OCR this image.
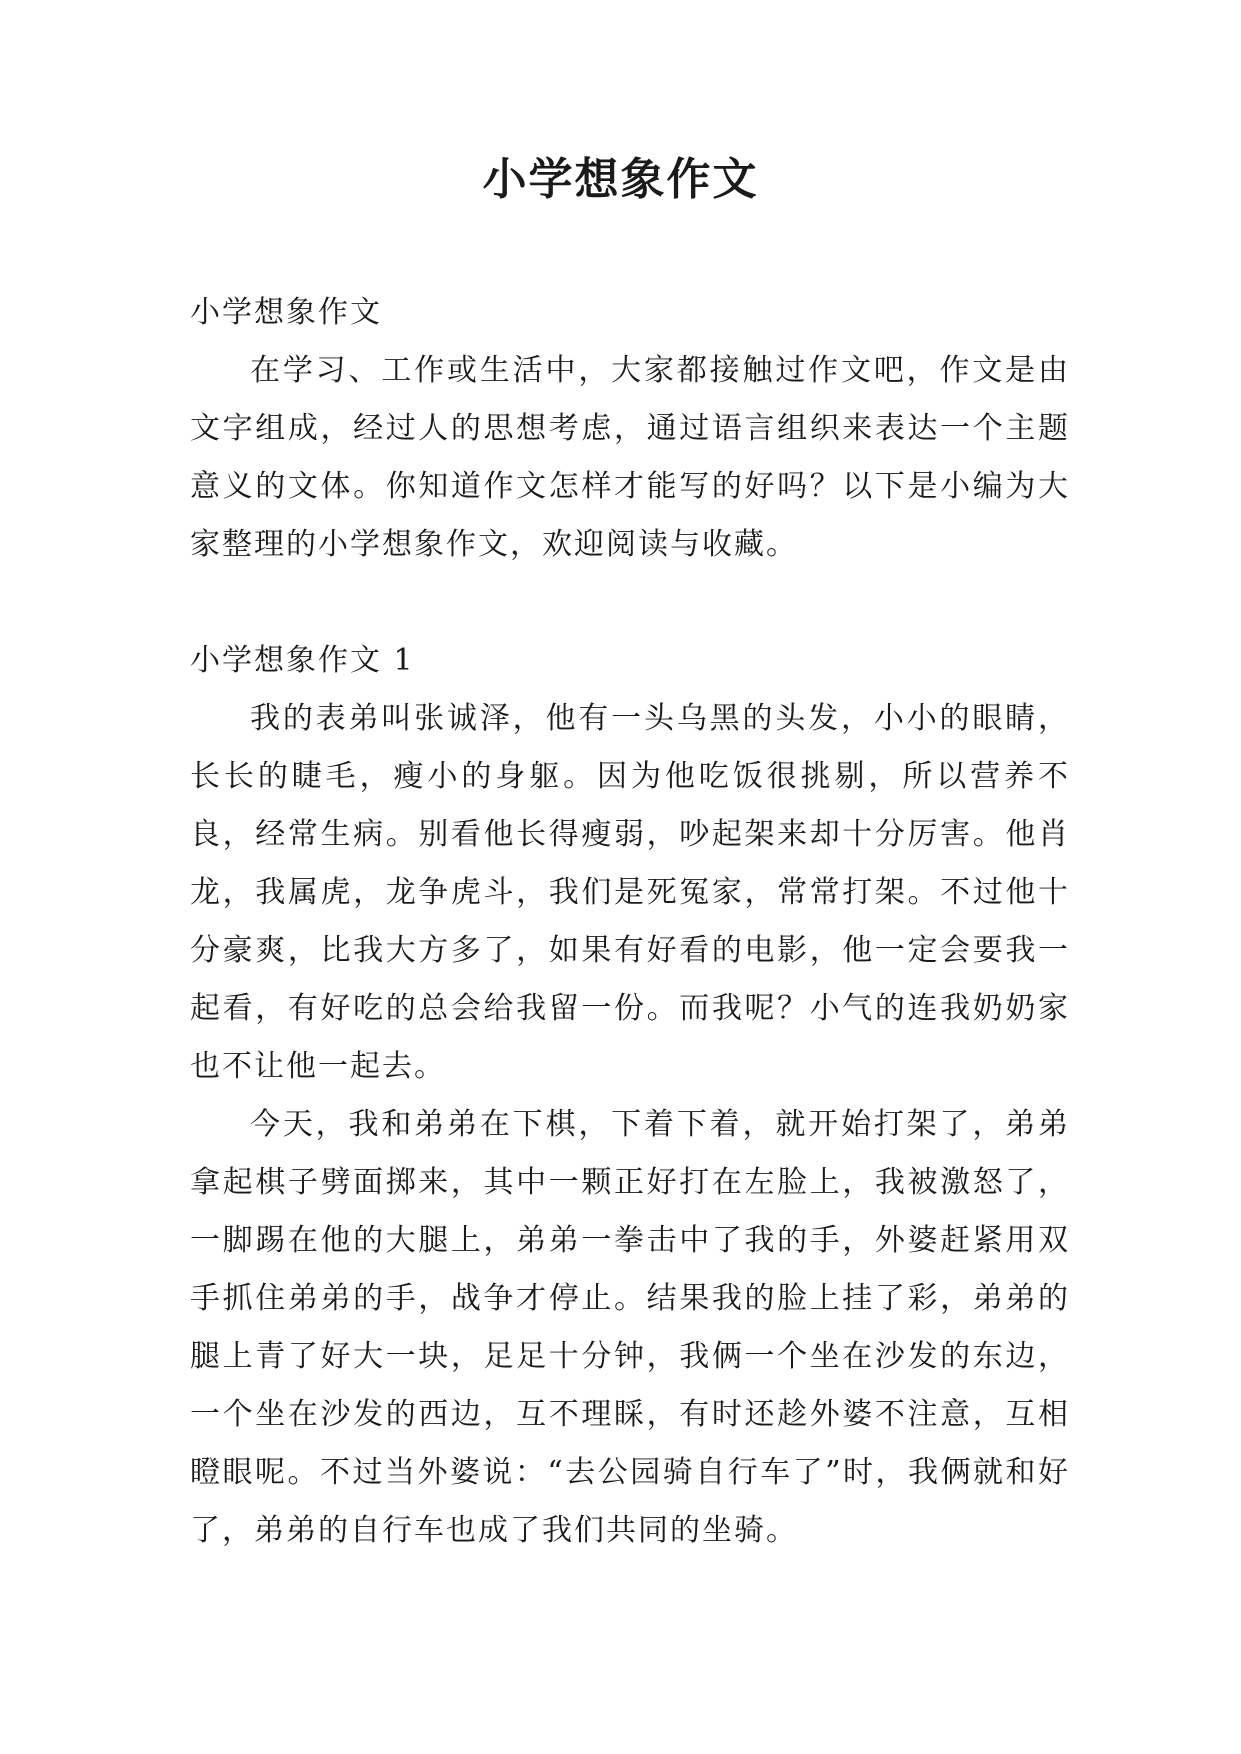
小学想象作文

小学想象作文

在学习、工作或生活中，大家都接触过作文吧，作文是由文字组成，经过人的思想考虑，通过语言组织来表达一个主题意义的文体。你知道作文怎样才能写的好吗？以下是小编为大家整理的小学想象作文，欢迎阅读与收藏。

小学想象作文 1

我的表弟叫张诚泽，他有一头乌黑的头发，小小的眼睛，长长的睫毛，瘦小的身躯。因为他吃饭很挑剔，所以营养不良，经常生病。别看他长得瘦弱，吵起架来却十分厉害。他肖龙，我属虎，龙争虎斗，我们是死冤家，常常打架。不过他十分豪爽，比我大方多了，如果有好看的电影，他一定会要我一起看，有好吃的总会给我留一份。而我呢？小气的连我奶奶家也不让他一起去。

今天，我和弟弟在下棋，下着下着，就开始打架了，弟弟拿起棋子劈面掷来，其中一颗正好打在左脸上，我被激怒了，一脚踢在他的大腿上，弟弟一拳击中了我的手，外婆赶紧用双手抓住弟弟的手，战争才停止。结果我的脸上挂了彩，弟弟的腿上青了好大一块，足足十分钟，我俩一个坐在沙发的东边，一个坐在沙发的西边，互不理睬，有时还趁外婆不注意，互相瞪眼呢。不过当外婆说：“去公园骑自行车了”时，我俩就和好了，弟弟的自行车也成了我们共同的坐骑。
